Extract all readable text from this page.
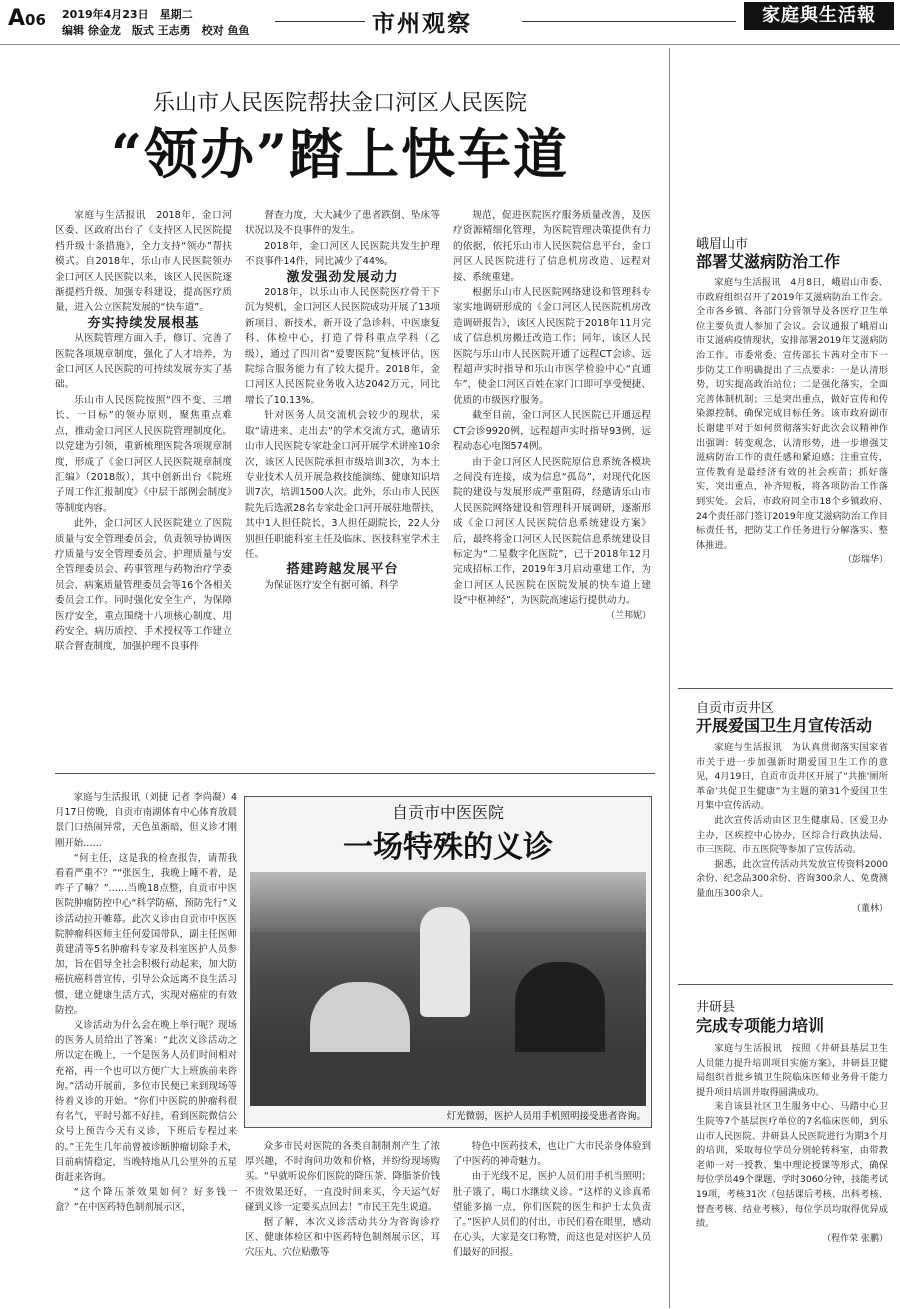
A06 2019年4月23日　星期二
编辑 徐金龙　版式 王志勇　校对 鱼鱼	市州观察	家庭與生活報
乐山市人民医院帮扶金口河区人民医院
“领办”踏上快车道

家庭与生活报讯　2018年，金口河区委、区政府出台了《支持区人民医院提档升级十条措施》，全力支持“领办”帮扶模式。自2018年，乐山市人民医院领办金口河区人民医院以来，该区人民医院逐渐提档升级、加强专科建设，提高医疗质量，进入公立医院发展的“快车道”。

夯实持续发展根基

从医院管理方面入手，修订、完善了医院各项规章制度，强化了人才培养，为金口河区人民医院的可持续发展夯实了基础。

乐山市人民医院按照“四不变、三增长、一目标”的领办原则，聚焦重点难点，推动金口河区人民医院管理制度化。以党建为引领，重新梳理医院各项规章制度，形成了《金口河区人民医院规章制度汇编》（2018版），其中创新出台《院班子周工作汇报制度》《中层干部例会制度》等制度内容。

此外，金口河区人民医院建立了医院质量与安全管理委员会，负责领导协调医疗质量与安全管理委员会、护理质量与安全管理委员会、药事管理与药物治疗学委员会、病案质量管理委员会等16个各相关委员会工作。同时强化安全生产，为保障医疗安全，重点围绕十八项核心制度、用药安全、病历质控、手术授权等工作建立联合督查制度，加强护理不良事件

督查力度，大大减少了患者跌倒、坠床等状况以及不良事件的发生。

2018年，金口河区人民医院共发生护理不良事件14件，同比减少了44%。

激发强劲发展动力

2018年，以乐山市人民医院医疗骨干下沉为契机，金口河区人民医院成功开展了13项新项目、新技术，新开设了急诊科、中医康复科、体检中心，打造了骨科重点学科（乙级），通过了四川省“爱婴医院”复核评估，医院综合服务能力有了较大提升。2018年，金口河区人民医院业务收入达2042万元，同比增长了10.13%。

针对医务人员交流机会较少的现状，采取“请进来、走出去”的学术交流方式，邀请乐山市人民医院专家赴金口河开展学术讲座10余次，该区人民医院承担市级培训3次，为本土专业技术人员开展急救技能演练、健康知识培训7次，培训1500人次。此外，乐山市人民医院先后选派28名专家赴金口河开展驻地帮扶，其中1人担任院长，3人担任副院长，22人分别担任职能科室主任及临床、医技科室学术主任。

搭建跨越发展平台

为保证医疗安全有据可循、科学

规范，促进医院医疗服务质量改善，及医疗资源精细化管理，为医院管理决策提供有力的依据，依托乐山市人民医院信息平台，金口河区人民医院进行了信息机房改造、远程对接、系统重建。

根据乐山市人民医院网络建设和管理科专家实地调研形成的《金口河区人民医院机房改造调研报告》，该区人民医院于2018年11月完成了信息机房搬迁改造工作；同年，该区人民医院与乐山市人民医院开通了远程CT会诊、远程超声实时指导和乐山市医学检验中心“直通车”，使金口河区百姓在家门口即可享受便捷、优质的市级医疗服务。

截至目前，金口河区人民医院已开通远程CT会诊9920例，远程超声实时指导93例，远程动态心电图574例。

由于金口河区人民医院原信息系统各模块之间没有连接，成为信息“孤岛”，对现代化医院的建设与发展形成严重阻碍，经邀请乐山市人民医院网络建设和管理科开展调研，逐渐形成《金口河区人民医院信息系统建设方案》后，最终将金口河区人民医院信息系统建设目标定为“二星数字化医院”，已于2018年12月完成招标工作，2019年3月启动重建工作，为金口河区人民医院在医院发展的快车道上建设“中枢神经”，为医院高速运行提供动力。

（兰邦妮）

峨眉山市
部署艾滋病防治工作

家庭与生活报讯　4月8日，峨眉山市委、市政府组织召开了2019年艾滋病防治工作会。全市各乡镇、各部门分管领导及各医疗卫生单位主要负责人参加了会议。会议通报了峨眉山市艾滋病疫情现状，安排部署2019年艾滋病防治工作。市委常委、宣传部长卞茜对全市下一步防艾工作明确提出了三点要求：一是认清形势，切实提高政治站位；二是强化落实，全面完善体制机制；三是突出重点，做好宣传和传染源控制，确保完成目标任务。该市政府副市长谢建平对于如何贯彻落实好此次会议精神作出强调：转变观念，认清形势，进一步增强艾滋病防治工作的责任感和紧迫感；注重宣传，宣传教育是最经济有效的社会疾苗；抓好落实，突出重点，补齐短板，将各项防治工作落到实处。会后，市政府同全市18个乡镇政府、24个责任部门签订2019年度艾滋病防治工作目标责任书，把防艾工作任务进行分解落实、整体推进。

（彭瑞华）

自贡市贡井区
开展爱国卫生月宣传活动

家庭与生活报讯　为认真贯彻落实国家省市关于进一步加强新时期爱国卫生工作的意见，4月19日，自贡市贡井区开展了“共推‘厕所革命’共促卫生健康”为主题的第31个爱国卫生月集中宣传活动。

此次宣传活动由区卫生健康局、区爱卫办主办，区疾控中心协办，区综合行政执法局、市三医院、市五医院等参加了宣传活动。

据悉，此次宣传活动共发放宣传资料2000余份、纪念品300余份、咨询300余人、免费测量血压300余人。

（董林）

井研县
完成专项能力培训

家庭与生活报讯　按照《井研县基层卫生人员能力提升培训项目实施方案》，井研县卫健局组织首批乡镇卫生院临床医师业务骨干能力提升项目培训并取得圆满成功。

来自该县社区卫生服务中心、马踏中心卫生院等7个基层医疗单位的7名临床医师，到乐山市人民医院、井研县人民医院进行为期3个月的培训，采取每位学员分别轮转科室，由带教老师一对一授教、集中理论授课等形式，确保每位学员49个课题、学时3060分钟，技能考试19项，考核31次（包括课后考核、出科考核、督查考核、结业考核），每位学员均取得优异成绩。

（程作荣 张鹏）

家庭与生活报讯（刘捷 记者 李尚凝）4月17日傍晚，自贡市南湖体育中心体育放晨景门口热闹异常，天色虽渐暗，但义诊才刚刚开始……

“何主任，这是我的检查报告，请帮我看看严重不？”“张医生，我晚上睡不着，是咋子了嘛？”……当晚18点整，自贡市中医医院肿瘤防控中心“科学防癌，预防先行”义诊活动拉开帷幕。此次义诊由自贡市中医医院肿瘤科医师主任何爱国带队，副主任医师黄建清等5名肿瘤科专家及科室医护人员参加，旨在倡导全社会积极行动起来，加大防癌抗癌科普宣传，引导公众远离不良生活习惯，建立健康生活方式，实现对癌症的有效防控。

义诊活动为什么会在晚上举行呢？现场的医务人员给出了答案：“此次义诊活动之所以定在晚上，一个是医务人员们时间相对充裕，再一个也可以方便广大上班族前来咨询。”活动开展前，多位市民便已来到现场等待着义诊的开始。“你们中医院的肿瘤科很有名气，平时号都不好挂，看到医院微信公众号上预告今天有义诊，下班后专程过来的。”王先生几年前曾被诊断肿瘤切除手术，目前病情稳定，当晚特地从几公里外的五星街赶来咨询。

“这个降压茶效果如何？好多钱一盒？”在中医药特色制剂展示区，

自贡市中医医院
一场特殊的义诊
灯光微弱，医护人员用手机照明接受患者咨询。

众多市民对医院的各类自制制剂产生了浓厚兴趣，不时询问功效和价格，并纷纷现场购买。“早就听说你们医院的降压茶、降脂茶价钱不贵效果还好，一直没时间来买，今天运气好碰到义诊一定要买点回去！”市民王先生说道。

据了解，本次义诊活动共分为咨询诊疗区、健康体检区和中医药特色制剂展示区，耳穴压丸、穴位贴敷等

特色中医药技术，也让广大市民亲身体验到了中医药的神奇魅力。

由于光线不足，医护人员们用手机当照明；肚子饿了，喝口水继续义诊。“这样的义诊真希望能多搞一点，你们医院的医生和护士太负责了。”医护人员们的付出，市民们看在眼里，感动在心头，大家是交口称赞，而这也是对医护人员们最好的回报。
